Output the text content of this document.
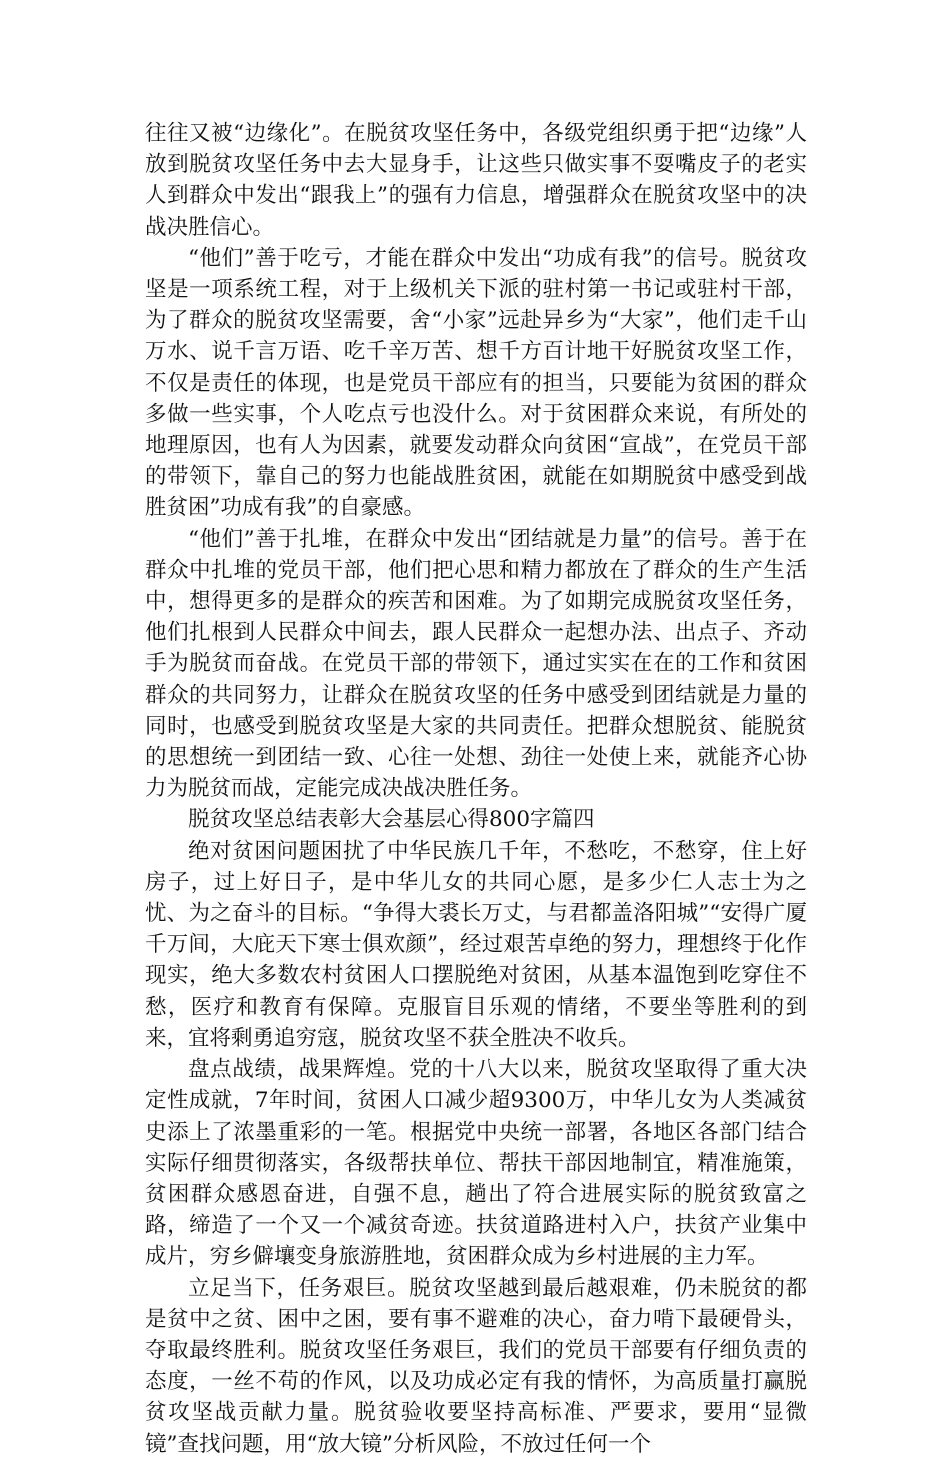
往往又被“边缘化”。在脱贫攻坚任务中，各级党组织勇于把“边缘”人放到脱贫攻坚任务中去大显身手，让这些只做实事不耍嘴皮子的老实人到群众中发出“跟我上”的强有力信息，增强群众在脱贫攻坚中的决战决胜信心。

“他们”善于吃亏，才能在群众中发出“功成有我”的信号。脱贫攻坚是一项系统工程，对于上级机关下派的驻村第一书记或驻村干部，为了群众的脱贫攻坚需要，舍“小家”远赴异乡为“大家”，他们走千山万水、说千言万语、吃千辛万苦、想千方百计地干好脱贫攻坚工作，不仅是责任的体现，也是党员干部应有的担当，只要能为贫困的群众多做一些实事，个人吃点亏也没什么。对于贫困群众来说，有所处的地理原因，也有人为因素，就要发动群众向贫困“宣战”，在党员干部的带领下，靠自己的努力也能战胜贫困，就能在如期脱贫中感受到战胜贫困”功成有我”的自豪感。

“他们”善于扎堆，在群众中发出“团结就是力量”的信号。善于在群众中扎堆的党员干部，他们把心思和精力都放在了群众的生产生活中，想得更多的是群众的疾苦和困难。为了如期完成脱贫攻坚任务，他们扎根到人民群众中间去，跟人民群众一起想办法、出点子、齐动手为脱贫而奋战。在党员干部的带领下，通过实实在在的工作和贫困群众的共同努力，让群众在脱贫攻坚的任务中感受到团结就是力量的同时，也感受到脱贫攻坚是大家的共同责任。把群众想脱贫、能脱贫的思想统一到团结一致、心往一处想、劲往一处使上来，就能齐心协力为脱贫而战，定能完成决战决胜任务。

脱贫攻坚总结表彰大会基层心得800字篇四

绝对贫困问题困扰了中华民族几千年，不愁吃，不愁穿，住上好房子，过上好日子，是中华儿女的共同心愿，是多少仁人志士为之忧、为之奋斗的目标。“争得大裘长万丈，与君都盖洛阳城”“安得广厦千万间，大庇天下寒士俱欢颜”，经过艰苦卓绝的努力，理想终于化作现实，绝大多数农村贫困人口摆脱绝对贫困，从基本温饱到吃穿住不愁，医疗和教育有保障。克服盲目乐观的情绪，不要坐等胜利的到来，宜将剩勇追穷寇，脱贫攻坚不获全胜决不收兵。

盘点战绩，战果辉煌。党的十八大以来，脱贫攻坚取得了重大决定性成就，7年时间，贫困人口减少超9300万，中华儿女为人类减贫史添上了浓墨重彩的一笔。根据党中央统一部署，各地区各部门结合实际仔细贯彻落实，各级帮扶单位、帮扶干部因地制宜，精准施策，贫困群众感恩奋进，自强不息，趟出了符合进展实际的脱贫致富之路，缔造了一个又一个减贫奇迹。扶贫道路进村入户，扶贫产业集中成片，穷乡僻壤变身旅游胜地，贫困群众成为乡村进展的主力军。

立足当下，任务艰巨。脱贫攻坚越到最后越艰难，仍未脱贫的都是贫中之贫、困中之困，要有事不避难的决心，奋力啃下最硬骨头，夺取最终胜利。脱贫攻坚任务艰巨，我们的党员干部要有仔细负责的态度，一丝不苟的作风，以及功成必定有我的情怀，为高质量打赢脱贫攻坚战贡献力量。脱贫验收要坚持高标准、严要求，要用“显微镜”查找问题，用“放大镜”分析风险，不放过任何一个
